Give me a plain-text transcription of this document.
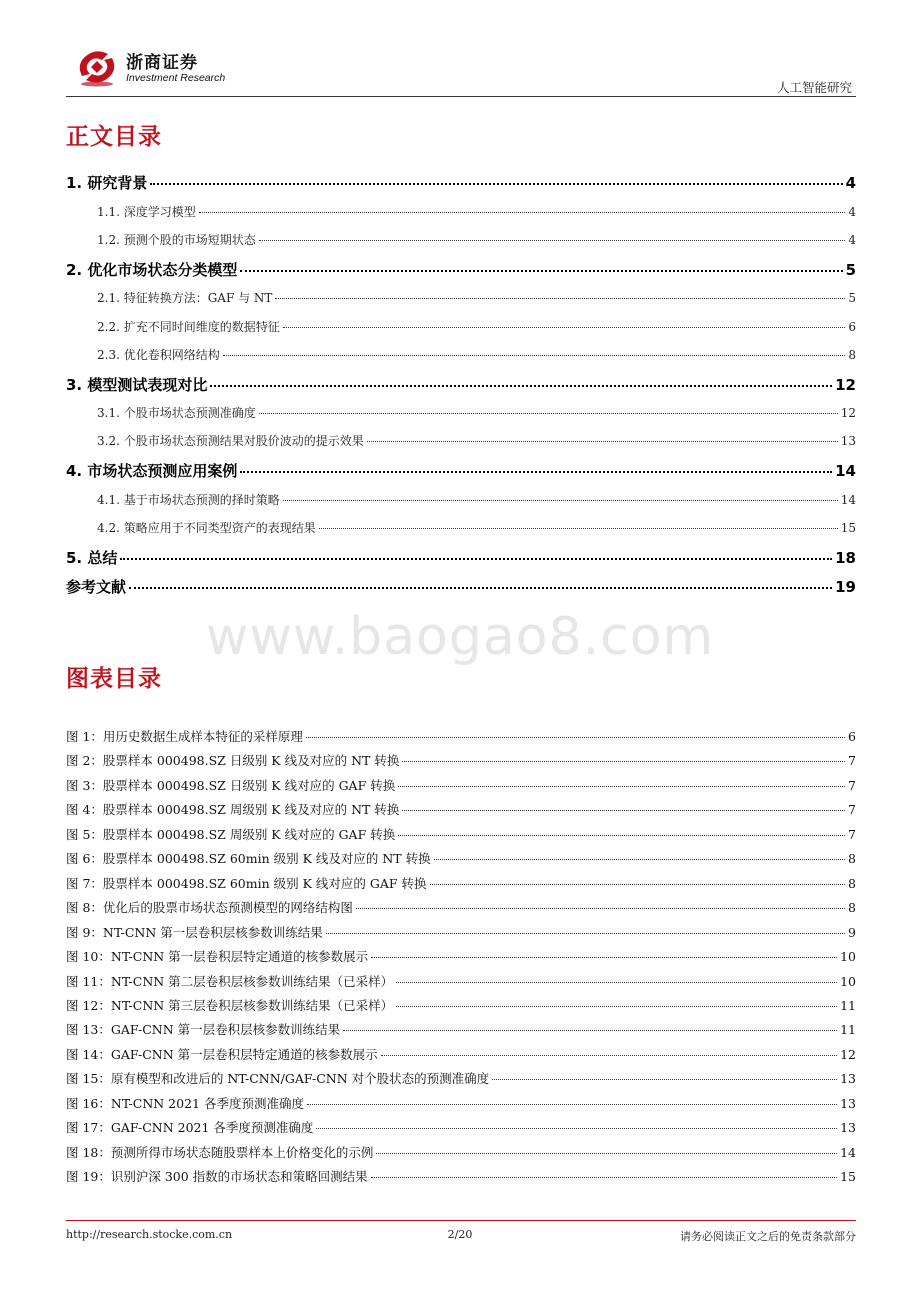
浙商证券
Investment Research
人工智能研究
正文目录
1. 研究背景	4
1.1. 深度学习模型	4
1.2. 预测个股的市场短期状态	4
2. 优化市场状态分类模型	5
2.1. 特征转换方法：GAF 与 NT	5
2.2. 扩充不同时间维度的数据特征	6
2.3. 优化卷积网络结构	8
3. 模型测试表现对比	12
3.1. 个股市场状态预测准确度	12
3.2. 个股市场状态预测结果对股价波动的提示效果	13
4. 市场状态预测应用案例	14
4.1. 基于市场状态预测的择时策略	14
4.2. 策略应用于不同类型资产的表现结果	15
5. 总结	18
参考文献	19
www.baogao8.com
图表目录
图 1：用历史数据生成样本特征的采样原理	6
图 2：股票样本 000498.SZ 日级别 K 线及对应的 NT 转换	7
图 3：股票样本 000498.SZ 日级别 K 线对应的 GAF 转换	7
图 4：股票样本 000498.SZ 周级别 K 线及对应的 NT 转换	7
图 5：股票样本 000498.SZ 周级别 K 线对应的 GAF 转换	7
图 6：股票样本 000498.SZ 60min 级别 K 线及对应的 NT 转换	8
图 7：股票样本 000498.SZ 60min 级别 K 线对应的 GAF 转换	8
图 8：优化后的股票市场状态预测模型的网络结构图	8
图 9：NT-CNN 第一层卷积层核参数训练结果	9
图 10：NT-CNN 第一层卷积层特定通道的核参数展示	10
图 11：NT-CNN 第二层卷积层核参数训练结果（已采样）	10
图 12：NT-CNN 第三层卷积层核参数训练结果（已采样）	11
图 13：GAF-CNN 第一层卷积层核参数训练结果	11
图 14：GAF-CNN 第一层卷积层特定通道的核参数展示	12
图 15：原有模型和改进后的 NT-CNN/GAF-CNN 对个股状态的预测准确度	13
图 16：NT-CNN 2021 各季度预测准确度	13
图 17：GAF-CNN 2021 各季度预测准确度	13
图 18：预测所得市场状态随股票样本上价格变化的示例	14
图 19：识别沪深 300 指数的市场状态和策略回测结果	15
http://research.stocke.com.cn	2/20	请务必阅读正文之后的免责条款部分
